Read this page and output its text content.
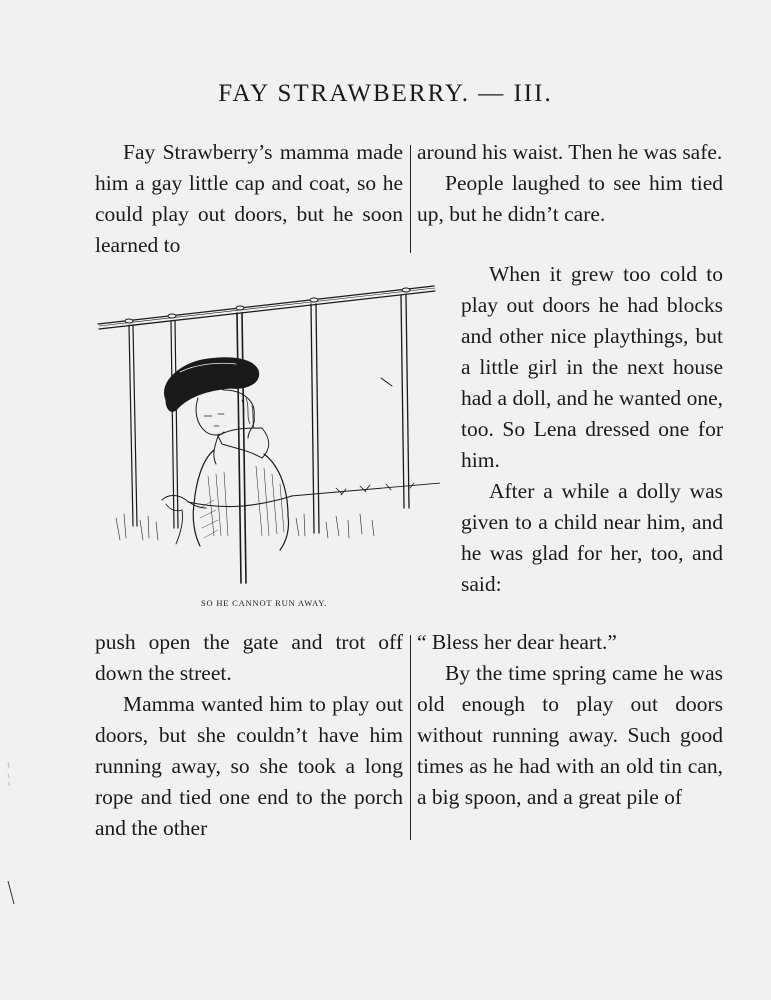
FAY STRAWBERRY. — III.

Fay Strawberry’s mamma made him a gay little cap and coat, so he could play out doors, but he soon learned to

around his waist. Then he was safe.

People laughed to see him tied up, but he didn’t care.

When it grew too cold to play out doors he had blocks and other nice playthings, but a little girl in the next house had a doll, and he wanted one, too. So Lena dressed one for him.

After a while a dolly was given to a child near him, and he was glad for her, too, and said:

SO HE CANNOT RUN AWAY.

push open the gate and trot off down the street.

Mamma wanted him to play out doors, but she couldn’t have him running away, so she took a long rope and tied one end to the porch and the other

“ Bless her dear heart.”

By the time spring came he was old enough to play out doors without running away. Such good times as he had with an old tin can, a big spoon, and a great pile of
